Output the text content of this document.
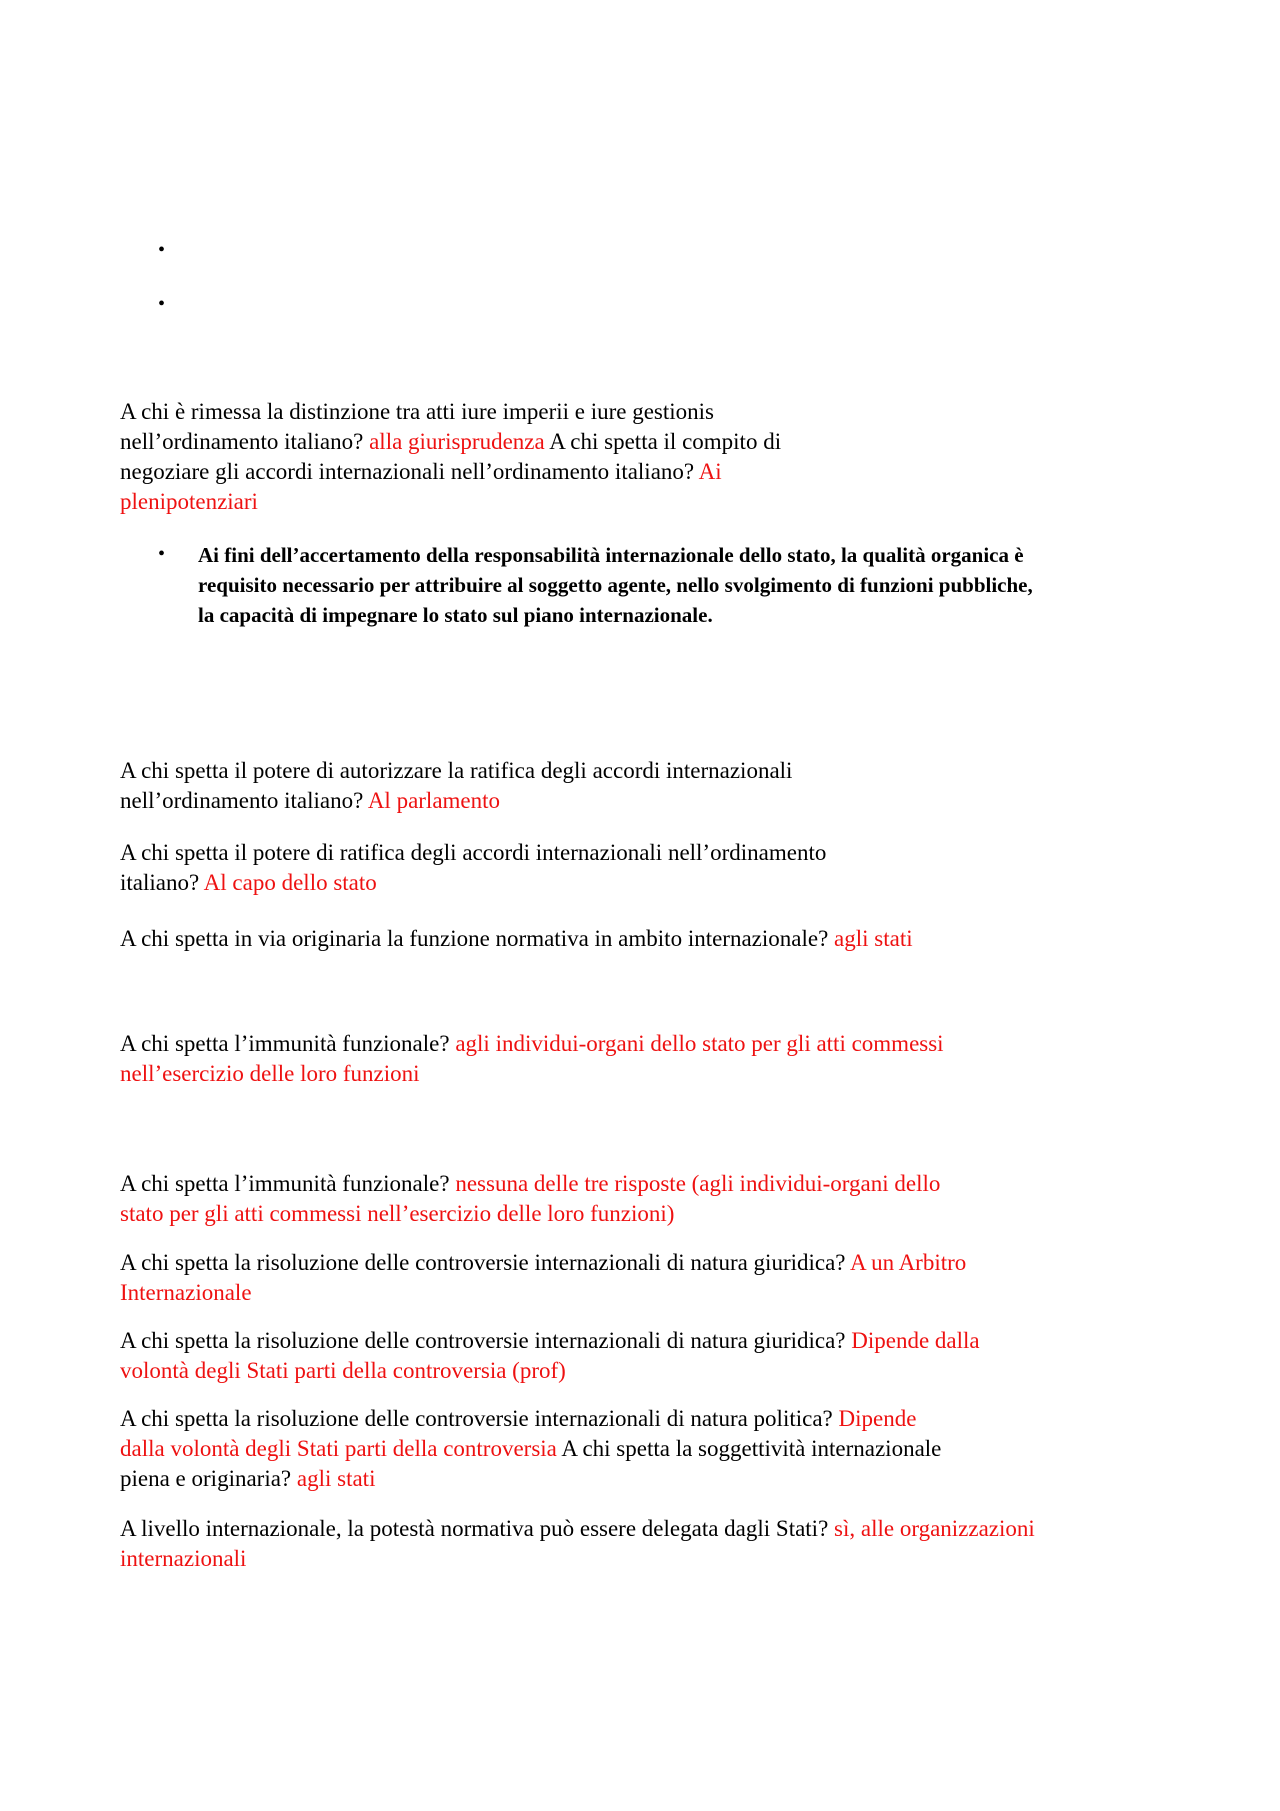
•
•
A chi è rimessa la distinzione tra atti iure imperii e iure gestionis
nell’ordinamento italiano? alla giurisprudenza A chi spetta il compito di
negoziare gli accordi internazionali nell’ordinamento italiano? Ai
plenipotenziari
• Ai fini dell’accertamento della responsabilità internazionale dello stato, la qualità organica è
requisito necessario per attribuire al soggetto agente, nello svolgimento di funzioni pubbliche,
la capacità di impegnare lo stato sul piano internazionale.
A chi spetta il potere di autorizzare la ratifica degli accordi internazionali
nell’ordinamento italiano? Al parlamento
A chi spetta il potere di ratifica degli accordi internazionali nell’ordinamento
italiano? Al capo dello stato
A chi spetta in via originaria la funzione normativa in ambito internazionale? agli stati
A chi spetta l’immunità funzionale? agli individui-organi dello stato per gli atti commessi
nell’esercizio delle loro funzioni
A chi spetta l’immunità funzionale? nessuna delle tre risposte (agli individui-organi dello
stato per gli atti commessi nell’esercizio delle loro funzioni)
A chi spetta la risoluzione delle controversie internazionali di natura giuridica? A un Arbitro
Internazionale
A chi spetta la risoluzione delle controversie internazionali di natura giuridica? Dipende dalla
volontà degli Stati parti della controversia (prof)
A chi spetta la risoluzione delle controversie internazionali di natura politica? Dipende
dalla volontà degli Stati parti della controversia A chi spetta la soggettività internazionale
piena e originaria? agli stati
A livello internazionale, la potestà normativa può essere delegata dagli Stati? sì, alle organizzazioni
internazionali
